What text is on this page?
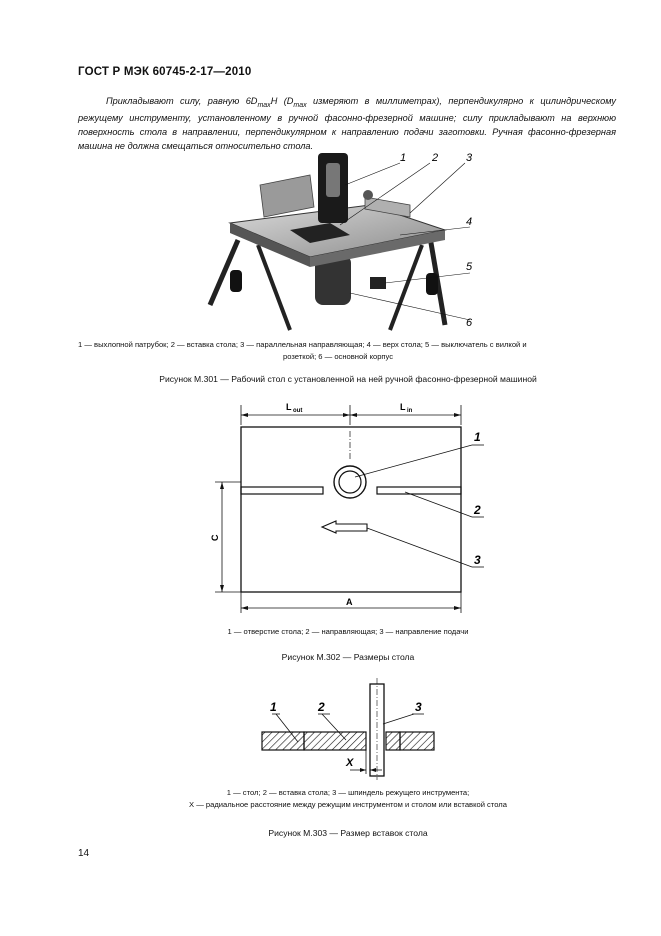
ГОСТ Р МЭК 60745-2-17—2010
Прикладывают силу, равную $6D_{max}H$ ($D_{max}$ измеряют в миллиметрах), перпендикулярно к цилиндрическому режущему инструменту, установленному в ручной фасонно-фрезерной машине; силу прикладывают на верхнюю поверхность стола в направлении, перпендикулярном к направлению подачи заготовки. Ручная фасонно-фрезерная машина не должна смещаться относительно стола.
1 2	3
4
5
6
1 — выхлопной патрубок; 2 — вставка стола; 3 — параллельная направляющая; 4 — верх стола; 5 — выключатель с вилкой и
розеткой; 6 — основной корпус
Рисунок М.301 — Рабочий стол с установленной на ней ручной фасонно-фрезерной машиной
L out	L in
C
A
1
2
3
1 — отверстие стола; 2 — направляющая; 3 — направление подачи
Рисунок М.302 — Размеры стола
X
1	2	3
1 — стол; 2 — вставка стола; 3 — шпиндель режущего инструмента;
X — радиальное расстояние между режущим инструментом и столом или вставкой стола
Рисунок М.303 — Размер вставок стола
14
